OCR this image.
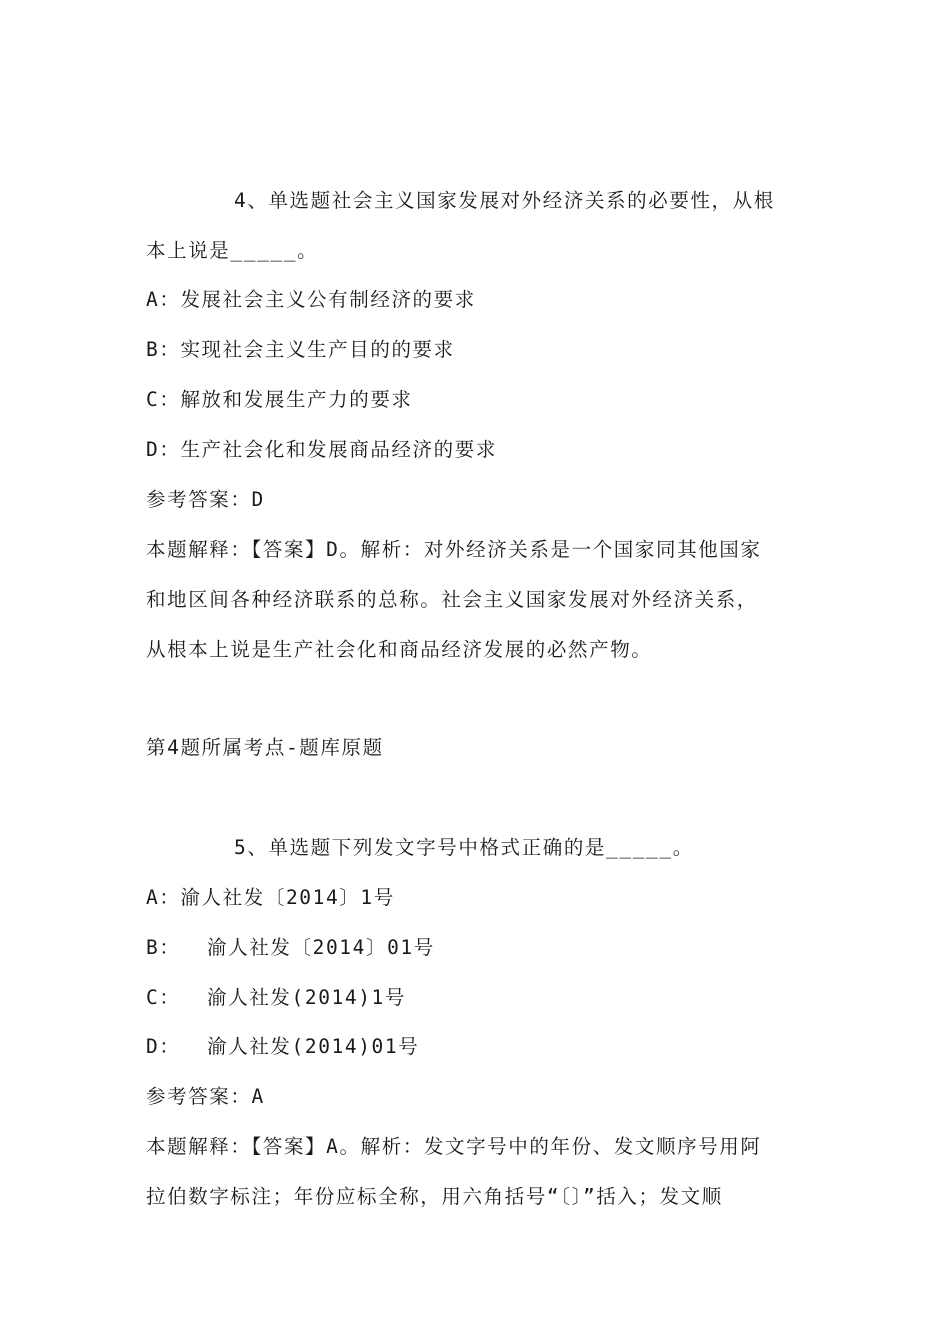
4、单选题社会主义国家发展对外经济关系的必要性，从根
本上说是_____。
A：发展社会主义公有制经济的要求
B：实现社会主义生产目的的要求
C：解放和发展生产力的要求
D：生产社会化和发展商品经济的要求
参考答案：D
本题解释：【答案】D。解析：对外经济关系是一个国家同其他国家
和地区间各种经济联系的总称。社会主义国家发展对外经济关系，
从根本上说是生产社会化和商品经济发展的必然产物。
第4题所属考点-题库原题
5、单选题下列发文字号中格式正确的是_____。
A：渝人社发〔2014〕1号
B：  渝人社发〔2014〕01号
C：  渝人社发(2014)1号
D：  渝人社发(2014)01号
参考答案：A
本题解释：【答案】A。解析：发文字号中的年份、发文顺序号用阿
拉伯数字标注；年份应标全称，用六角括号“〔〕”括入；发文顺
